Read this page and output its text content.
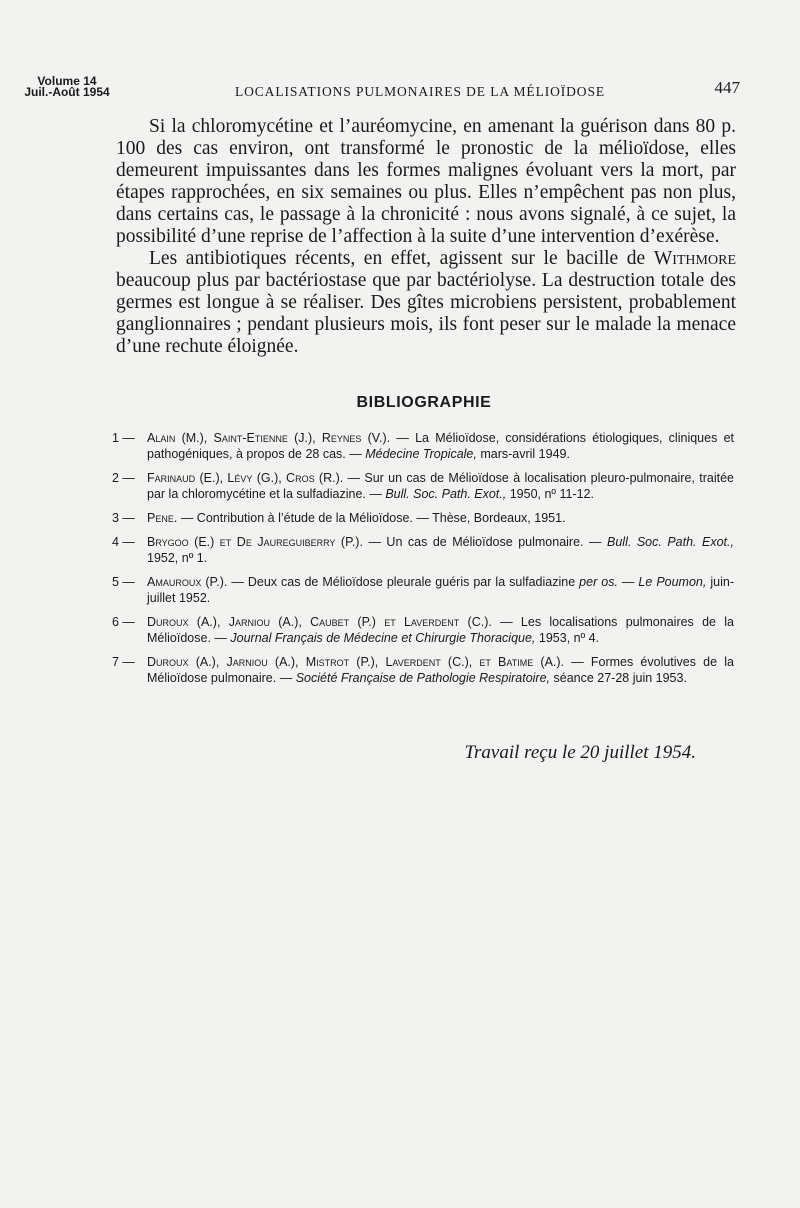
Volume 14
Juil.-Août 1954	LOCALISATIONS PULMONAIRES DE LA MÉLIOÏDOSE	447

Si la chloromycétine et l’auréomycine, en amenant la guérison dans 80 p. 100 des cas environ, ont transformé le pronostic de la mélioïdose, elles demeurent impuissantes dans les formes malignes évoluant vers la mort, par étapes rapprochées, en six semaines ou plus. Elles n’empêchent pas non plus, dans certains cas, le passage à la chronicité : nous avons signalé, à ce sujet, la possibilité d’une reprise de l’affection à la suite d’une intervention d’exérèse.

Les antibiotiques récents, en effet, agissent sur le bacille de Withmore beaucoup plus par bactériostase que par bactériolyse. La destruction totale des germes est longue à se réaliser. Des gîtes microbiens persistent, probablement ganglionnaires ; pendant plusieurs mois, ils font peser sur le malade la menace d’une rechute éloignée.

BIBLIOGRAPHIE
1 — Alain (M.), Saint-Etienne (J.), Reynes (V.). — La Mélioïdose, considérations étiologiques, cliniques et pathogéniques, à propos de 28 cas. — Médecine Tropicale, mars-avril 1949.
2 — Farinaud (E.), Lévy (G.), Cros (R.). — Sur un cas de Mélioïdose à localisation pleuro-pulmonaire, traitée par la chloromycétine et la sulfadiazine. — Bull. Soc. Path. Exot., 1950, nº 11-12.
3 — Pene. — Contribution à l’étude de la Mélioïdose. — Thèse, Bordeaux, 1951.
4 — Brygoo (E.) et De Jaureguiberry (P.). — Un cas de Mélioïdose pulmonaire. — Bull. Soc. Path. Exot., 1952, nº 1.
5 — Amauroux (P.). — Deux cas de Mélioïdose pleurale guéris par la sulfadiazine per os. — Le Poumon, juin-juillet 1952.
6 — Duroux (A.), Jarniou (A.), Caubet (P.) et Laverdent (C.). — Les localisations pulmonaires de la Mélioïdose. — Journal Français de Médecine et Chirurgie Thoracique, 1953, nº 4.
7 — Duroux (A.), Jarniou (A.), Mistrot (P.), Laverdent (C.), et Batime (A.). — Formes évolutives de la Mélioïdose pulmonaire. — Société Française de Pathologie Respiratoire, séance 27-28 juin 1953.
Travail reçu le 20 juillet 1954.
